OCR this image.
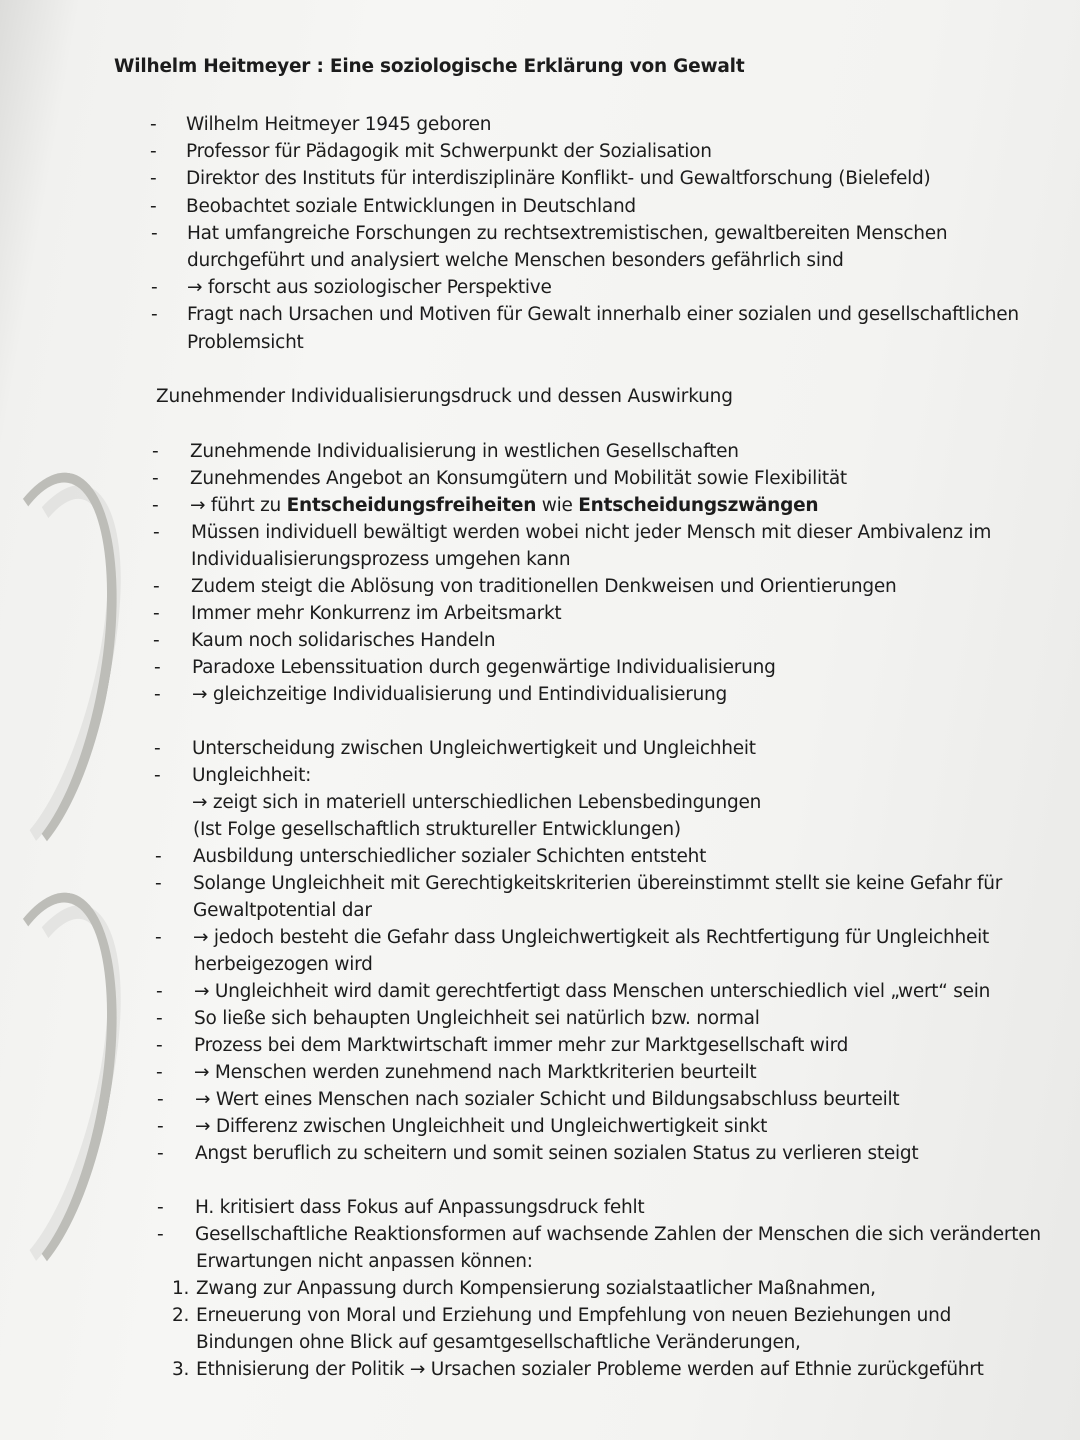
Wilhelm Heitmeyer : Eine soziologische Erklärung von Gewalt
-	Wilhelm Heitmeyer 1945 geboren
-	Professor für Pädagogik mit Schwerpunkt der Sozialisation
-	Direktor des Instituts für interdisziplinäre Konflikt- und Gewaltforschung (Bielefeld)
-	Beobachtet soziale Entwicklungen in Deutschland
-	Hat umfangreiche Forschungen zu rechtsextremistischen, gewaltbereiten Menschen
durchgeführt und analysiert welche Menschen besonders gefährlich sind
-	→ forscht aus soziologischer Perspektive
-	Fragt nach Ursachen und Motiven für Gewalt innerhalb einer sozialen und gesellschaftlichen
Problemsicht
Zunehmender Individualisierungsdruck und dessen Auswirkung
-	Zunehmende Individualisierung in westlichen Gesellschaften
-	Zunehmendes Angebot an Konsumgütern und Mobilität sowie Flexibilität
-	→ führt zu Entscheidungsfreiheiten wie Entscheidungszwängen
-	Müssen individuell bewältigt werden wobei nicht jeder Mensch mit dieser Ambivalenz im
Individualisierungsprozess umgehen kann
-	Zudem steigt die Ablösung von traditionellen Denkweisen und Orientierungen
-	Immer mehr Konkurrenz im Arbeitsmarkt
-	Kaum noch solidarisches Handeln
-	Paradoxe Lebenssituation durch gegenwärtige Individualisierung
-	→ gleichzeitige Individualisierung und Entindividualisierung
-	Unterscheidung zwischen Ungleichwertigkeit und Ungleichheit
-	Ungleichheit:
→ zeigt sich in materiell unterschiedlichen Lebensbedingungen
(Ist Folge gesellschaftlich struktureller Entwicklungen)
-	Ausbildung unterschiedlicher sozialer Schichten entsteht
-	Solange Ungleichheit mit Gerechtigkeitskriterien übereinstimmt stellt sie keine Gefahr für
Gewaltpotential dar
-	→ jedoch besteht die Gefahr dass Ungleichwertigkeit als Rechtfertigung für Ungleichheit
herbeigezogen wird
-	→ Ungleichheit wird damit gerechtfertigt dass Menschen unterschiedlich viel „wert“ sein
-	So ließe sich behaupten Ungleichheit sei natürlich bzw. normal
-	Prozess bei dem Marktwirtschaft immer mehr zur Marktgesellschaft wird
-	→ Menschen werden zunehmend nach Marktkriterien beurteilt
-	→ Wert eines Menschen nach sozialer Schicht und Bildungsabschluss beurteilt
-	→ Differenz zwischen Ungleichheit und Ungleichwertigkeit sinkt
-	Angst beruflich zu scheitern und somit seinen sozialen Status zu verlieren steigt
-	H. kritisiert dass Fokus auf Anpassungsdruck fehlt
-	Gesellschaftliche Reaktionsformen auf wachsende Zahlen der Menschen die sich veränderten
Erwartungen nicht anpassen können:
1. Zwang zur Anpassung durch Kompensierung sozialstaatlicher Maßnahmen,
2. Erneuerung von Moral und Erziehung und Empfehlung von neuen Beziehungen und
Bindungen ohne Blick auf gesamtgesellschaftliche Veränderungen,
3. Ethnisierung der Politik → Ursachen sozialer Probleme werden auf Ethnie zurückgeführt
